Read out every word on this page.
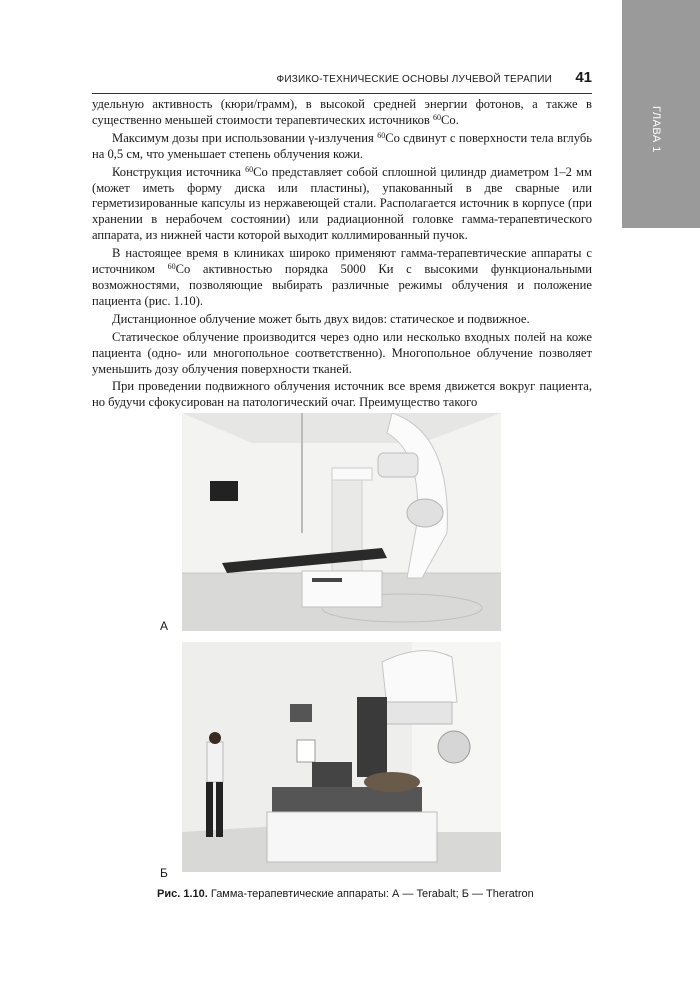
ГЛАВА 1
ФИЗИКО-ТЕХНИЧЕСКИЕ ОСНОВЫ ЛУЧЕВОЙ ТЕРАПИИ 41

удельную активность (кюри/грамм), в высокой средней энергии фотонов, а также в существенно меньшей стоимости терапевтических источников $^{60}$Co.

Максимум дозы при использовании γ-излучения $^{60}$Co сдвинут с поверхности тела вглубь на 0,5 см, что уменьшает степень облучения кожи.

Конструкция источника $^{60}$Co представляет собой сплошной цилиндр диаметром 1–2 мм (может иметь форму диска или пластины), упакованный в две сварные или герметизированные капсулы из нержавеющей стали. Располагается источник в корпусе (при хранении в нерабочем состоянии) или радиационной головке гамма-терапевтического аппарата, из нижней части которой выходит коллимированный пучок.

В настоящее время в клиниках широко применяют гамма-терапевтические аппараты с источником $^{60}$Co активностью порядка 5000 Ки с высокими функциональными возможностями, позволяющие выбирать различные режимы облучения и положение пациента (рис. 1.10).

Дистанционное облучение может быть двух видов: статическое и подвижное.

Статическое облучение производится через одно или несколько входных полей на коже пациента (одно- или многопольное соответственно). Многопольное облучение позволяет уменьшить дозу облучения поверхности тканей.

При проведении подвижного облучения источник все время движется вокруг пациента, но будучи сфокусирован на патологический очаг. Преимущество такого

А
Б
Рис. 1.10. Гамма-терапевтические аппараты: А — Terabalt; Б — Theratron
